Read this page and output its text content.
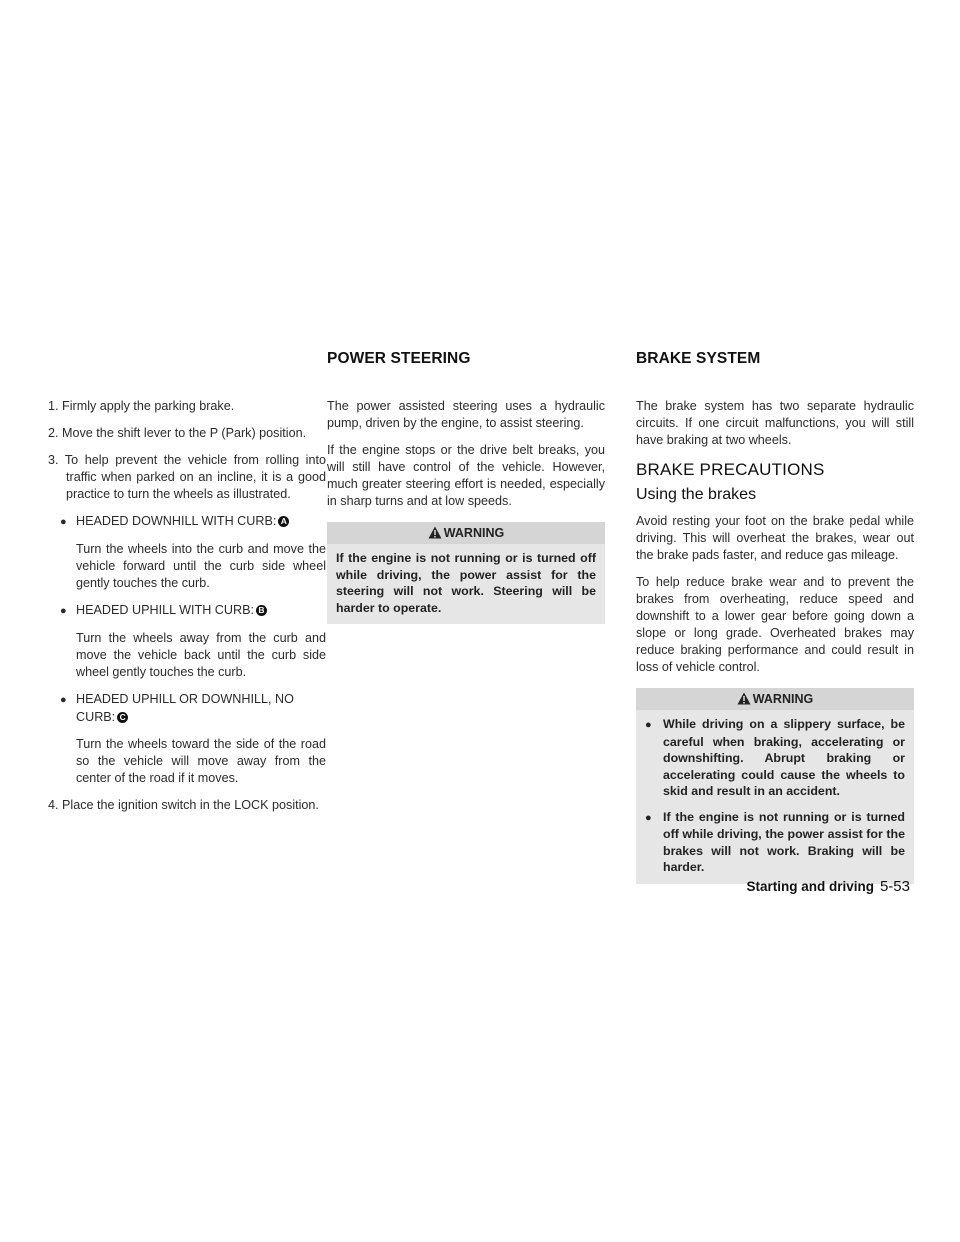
POWER STEERING	BRAKE SYSTEM

1. Firmly apply the parking brake.

2. Move the shift lever to the P (Park) position.

3. To help prevent the vehicle from rolling into traffic when parked on an incline, it is a good practice to turn the wheels as illustrated.

● HEADED DOWNHILL WITH CURB: A

Turn the wheels into the curb and move the vehicle forward until the curb side wheel gently touches the curb.

● HEADED UPHILL WITH CURB: B

Turn the wheels away from the curb and move the vehicle back until the curb side wheel gently touches the curb.

● HEADED UPHILL OR DOWNHILL, NO CURB: C

Turn the wheels toward the side of the road so the vehicle will move away from the center of the road if it moves.

4. Place the ignition switch in the LOCK position.

The power assisted steering uses a hydraulic pump, driven by the engine, to assist steering.

If the engine stops or the drive belt breaks, you will still have control of the vehicle. However, much greater steering effort is needed, especially in sharp turns and at low speeds.

WARNING
If the engine is not running or is turned off while driving, the power assist for the steering will not work. Steering will be harder to operate.

The brake system has two separate hydraulic circuits. If one circuit malfunctions, you will still have braking at two wheels.

BRAKE PRECAUTIONS
Using the brakes

Avoid resting your foot on the brake pedal while driving. This will overheat the brakes, wear out the brake pads faster, and reduce gas mileage.

To help reduce brake wear and to prevent the brakes from overheating, reduce speed and downshift to a lower gear before going down a slope or long grade. Overheated brakes may reduce braking performance and could result in loss of vehicle control.

WARNING
● While driving on a slippery surface, be careful when braking, accelerating or downshifting. Abrupt braking or accelerating could cause the wheels to skid and result in an accident.
● If the engine is not running or is turned off while driving, the power assist for the brakes will not work. Braking will be harder.
Starting and driving 5-53
